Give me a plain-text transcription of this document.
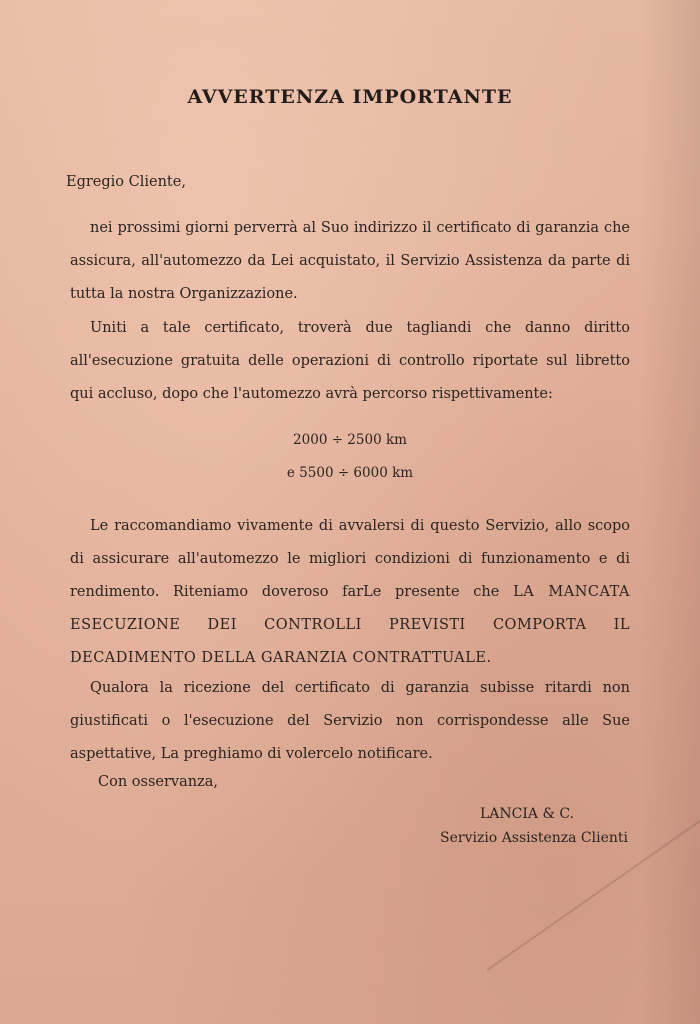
AVVERTENZA IMPORTANTE
Egregio Cliente,
nei prossimi giorni perverrà al Suo indirizzo il certificato di garanzia che assicura, all'automezzo da Lei acquistato, il Servizio Assistenza da parte di tutta la nostra Organizzazione.
Uniti a tale certificato, troverà due tagliandi che danno diritto all'esecuzione gratuita delle operazioni di controllo riportate sul libretto qui accluso, dopo che l'automezzo avrà percorso rispettivamente:
2000 ÷ 2500 km
e 5500 ÷ 6000 km
Le raccomandiamo vivamente di avvalersi di questo Servizio, allo scopo di assicurare all'automezzo le migliori condizioni di funzionamento e di rendimento. Riteniamo doveroso farLe presente che LA MANCATA ESECUZIONE DEI CONTROLLI PREVISTI COMPORTA IL DECADIMENTO DELLA GARANZIA CONTRATTUALE.
Qualora la ricezione del certificato di garanzia subisse ritardi non giustificati o l'esecuzione del Servizio non corrispondesse alle Sue aspettative, La preghiamo di volercelo notificare.
Con osservanza,
LANCIA & C.
Servizio Assistenza Clienti
